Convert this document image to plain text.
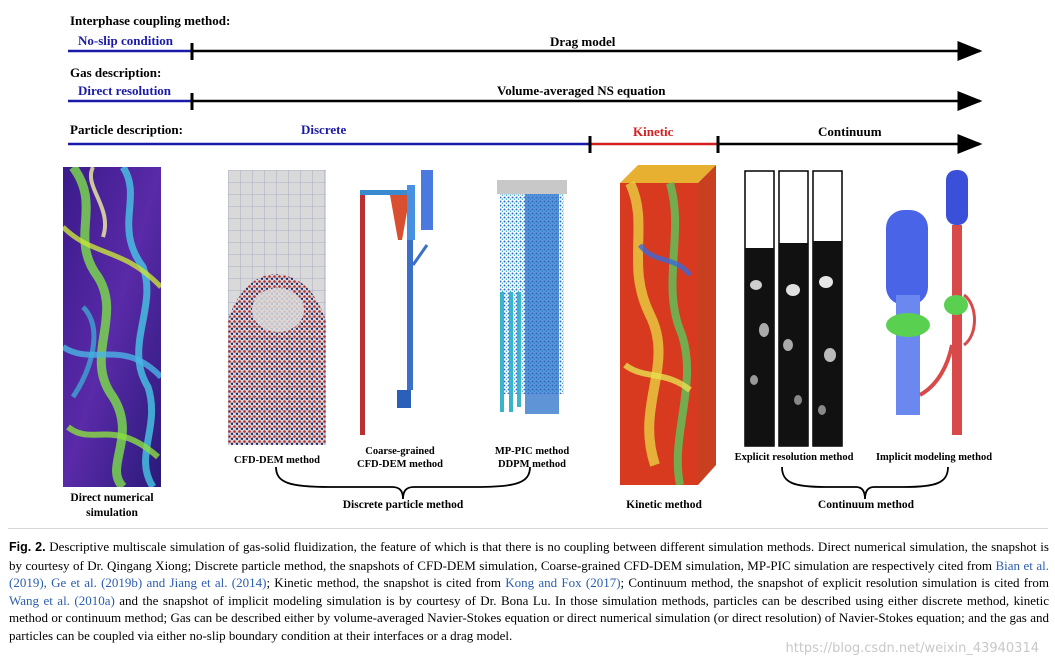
Interphase coupling method:
No-slip condition	Drag model
Gas description:
Direct resolution	Volume-averaged NS equation
Particle description:	Discrete	Kinetic	Continuum
Direct numerical simulation
CFD-DEM method
Coarse-grained
CFD-DEM method
MP-PIC method
DDPM method
Kinetic method
Explicit resolution method	Implicit modeling method
Discrete particle method	Continuum method
Fig. 2. Descriptive multiscale simulation of gas-solid fluidization, the feature of which is that there is no coupling between different simulation methods. Direct numerical simulation, the snapshot is by courtesy of Dr. Qingang Xiong; Discrete particle method, the snapshots of CFD-DEM simulation, Coarse-grained CFD-DEM simulation, MP-PIC simulation are respectively cited from Bian et al. (2019), Ge et al. (2019b) and Jiang et al. (2014); Kinetic method, the snapshot is cited from Kong and Fox (2017); Continuum method, the snapshot of explicit resolution simulation is cited from Wang et al. (2010a) and the snapshot of implicit modeling simulation is by courtesy of Dr. Bona Lu. In those simulation methods, particles can be described using either discrete method, kinetic method or continuum method; Gas can be described either by volume-averaged Navier-Stokes equation or direct numerical simulation (or direct resolution) of Navier-Stokes equation; and the gas and particles can be coupled via either no-slip boundary condition at their interfaces or a drag model.
https://blog.csdn.net/weixin_43940314
